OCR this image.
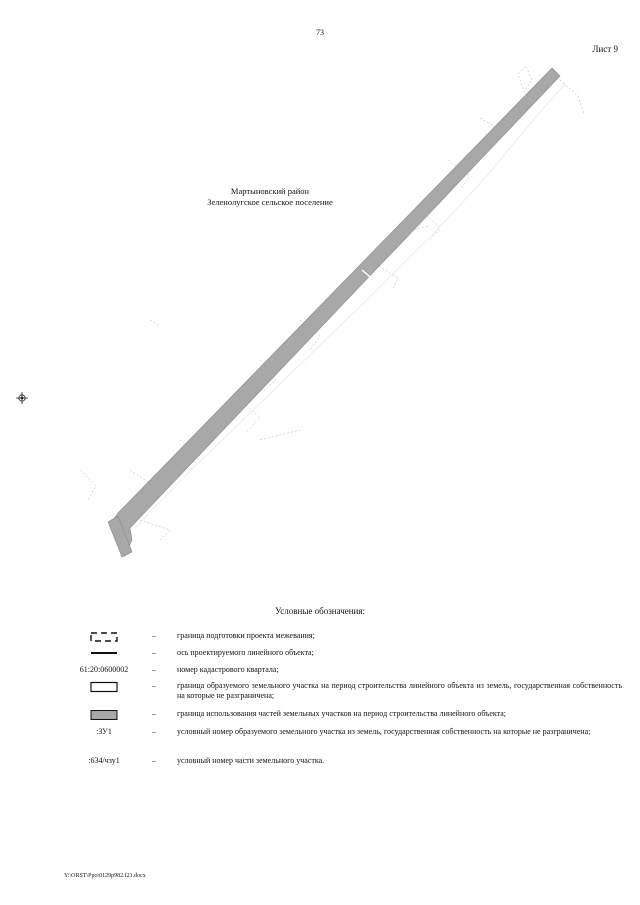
73
Лист 9
Мартыновский район
Зеленолугское сельское поселение
Условные обозначения:
–	граница подготовки проекта межевания;
–	ось проектируемого линейного объекта;
61:20:0600002	–	номер кадастрового квартала;
–	граница образуемого земельного участка на период строительства линейного объекта из земель, государственная собственность на которые не разграничена;
–	граница использования частей земельных участков на период строительства линейного объекта;
:ЗУ1	–	условный номер образуемого земельного участка из земель, государственная собственность на которые не разграничена;
:634/чзу1	–	условный номер части земельного участка.
Y:\ORST\Ppo\0129p982.f21.docx
